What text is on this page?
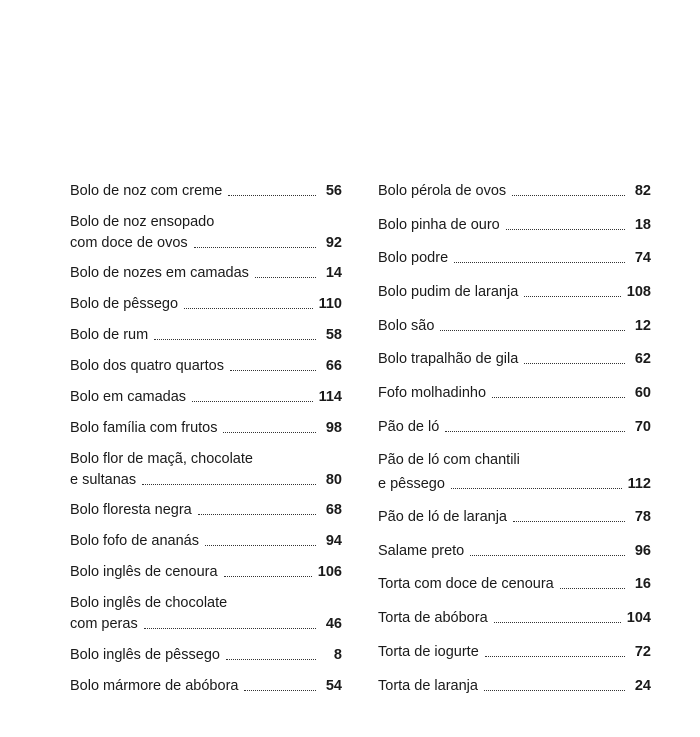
Bolo de noz com creme	56
Bolo de noz ensopado
com doce de ovos	92
Bolo de nozes em camadas	14
Bolo de pêssego	110
Bolo de rum	58
Bolo dos quatro quartos	66
Bolo em camadas	114
Bolo família com frutos	98
Bolo flor de maçã, chocolate
e sultanas	80
Bolo floresta negra	68
Bolo fofo de ananás	94
Bolo inglês de cenoura	106
Bolo inglês de chocolate
com peras	46
Bolo inglês de pêssego	8
Bolo mármore de abóbora	54
Bolo pérola de ovos	82
Bolo pinha de ouro	18
Bolo podre	74
Bolo pudim de laranja	108
Bolo são	12
Bolo trapalhão de gila	62
Fofo molhadinho	60
Pão de ló	70
Pão de ló com chantili
e pêssego	112
Pão de ló de laranja	78
Salame preto	96
Torta com doce de cenoura	16
Torta de abóbora	104
Torta de iogurte	72
Torta de laranja	24
